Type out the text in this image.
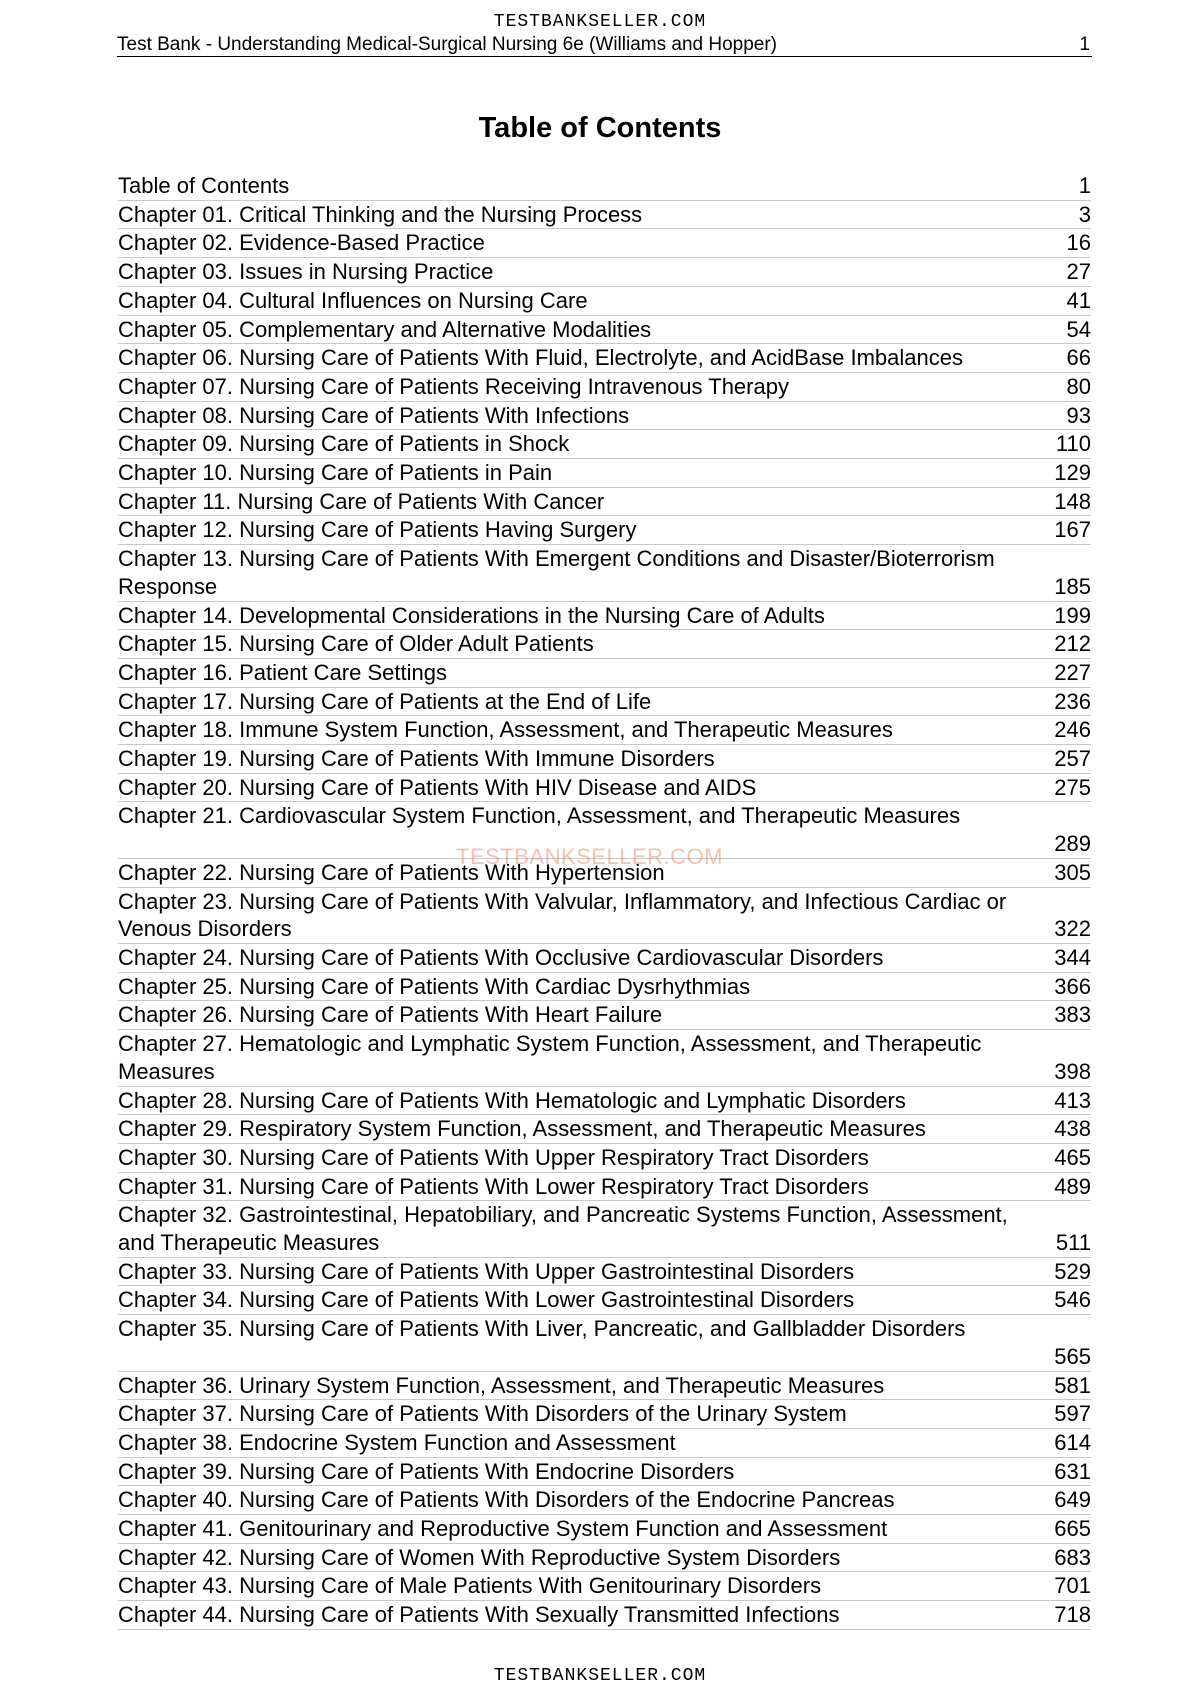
TESTBANKSELLER.COM
Test Bank - Understanding Medical-Surgical Nursing 6e (Williams and Hopper)	1
Table of Contents
Table of Contents	1
Chapter 01. Critical Thinking and the Nursing Process	3
Chapter 02. Evidence-Based Practice	16
Chapter 03. Issues in Nursing Practice	27
Chapter 04. Cultural Influences on Nursing Care	41
Chapter 05. Complementary and Alternative Modalities	54
Chapter 06. Nursing Care of Patients With Fluid, Electrolyte, and AcidBase Imbalances	66
Chapter 07. Nursing Care of Patients Receiving Intravenous Therapy	80
Chapter 08. Nursing Care of Patients With Infections	93
Chapter 09. Nursing Care of Patients in Shock	110
Chapter 10. Nursing Care of Patients in Pain	129
Chapter 11. Nursing Care of Patients With Cancer	148
Chapter 12. Nursing Care of Patients Having Surgery	167
Chapter 13. Nursing Care of Patients With Emergent Conditions and Disaster/Bioterrorism
Response	185
Chapter 14. Developmental Considerations in the Nursing Care of Adults	199
Chapter 15. Nursing Care of Older Adult Patients	212
Chapter 16. Patient Care Settings	227
Chapter 17. Nursing Care of Patients at the End of Life	236
Chapter 18. Immune System Function, Assessment, and Therapeutic Measures	246
Chapter 19. Nursing Care of Patients With Immune Disorders	257
Chapter 20. Nursing Care of Patients With HIV Disease and AIDS	275
Chapter 21. Cardiovascular System Function, Assessment, and Therapeutic Measures
289
Chapter 22. Nursing Care of Patients With Hypertension	305
Chapter 23. Nursing Care of Patients With Valvular, Inflammatory, and Infectious Cardiac or
Venous Disorders	322
Chapter 24. Nursing Care of Patients With Occlusive Cardiovascular Disorders	344
Chapter 25. Nursing Care of Patients With Cardiac Dysrhythmias	366
Chapter 26. Nursing Care of Patients With Heart Failure	383
Chapter 27. Hematologic and Lymphatic System Function, Assessment, and Therapeutic
Measures	398
Chapter 28. Nursing Care of Patients With Hematologic and Lymphatic Disorders	413
Chapter 29. Respiratory System Function, Assessment, and Therapeutic Measures	438
Chapter 30. Nursing Care of Patients With Upper Respiratory Tract Disorders	465
Chapter 31. Nursing Care of Patients With Lower Respiratory Tract Disorders	489
Chapter 32. Gastrointestinal, Hepatobiliary, and Pancreatic Systems Function, Assessment,
and Therapeutic Measures	511
Chapter 33. Nursing Care of Patients With Upper Gastrointestinal Disorders	529
Chapter 34. Nursing Care of Patients With Lower Gastrointestinal Disorders	546
Chapter 35. Nursing Care of Patients With Liver, Pancreatic, and Gallbladder Disorders
565
Chapter 36. Urinary System Function, Assessment, and Therapeutic Measures	581
Chapter 37. Nursing Care of Patients With Disorders of the Urinary System	597
Chapter 38. Endocrine System Function and Assessment	614
Chapter 39. Nursing Care of Patients With Endocrine Disorders	631
Chapter 40. Nursing Care of Patients With Disorders of the Endocrine Pancreas	649
Chapter 41. Genitourinary and Reproductive System Function and Assessment	665
Chapter 42. Nursing Care of Women With Reproductive System Disorders	683
Chapter 43. Nursing Care of Male Patients With Genitourinary Disorders	701
Chapter 44. Nursing Care of Patients With Sexually Transmitted Infections	718
TESTBANKSELLER.COM
TESTBANKSELLER.COM
